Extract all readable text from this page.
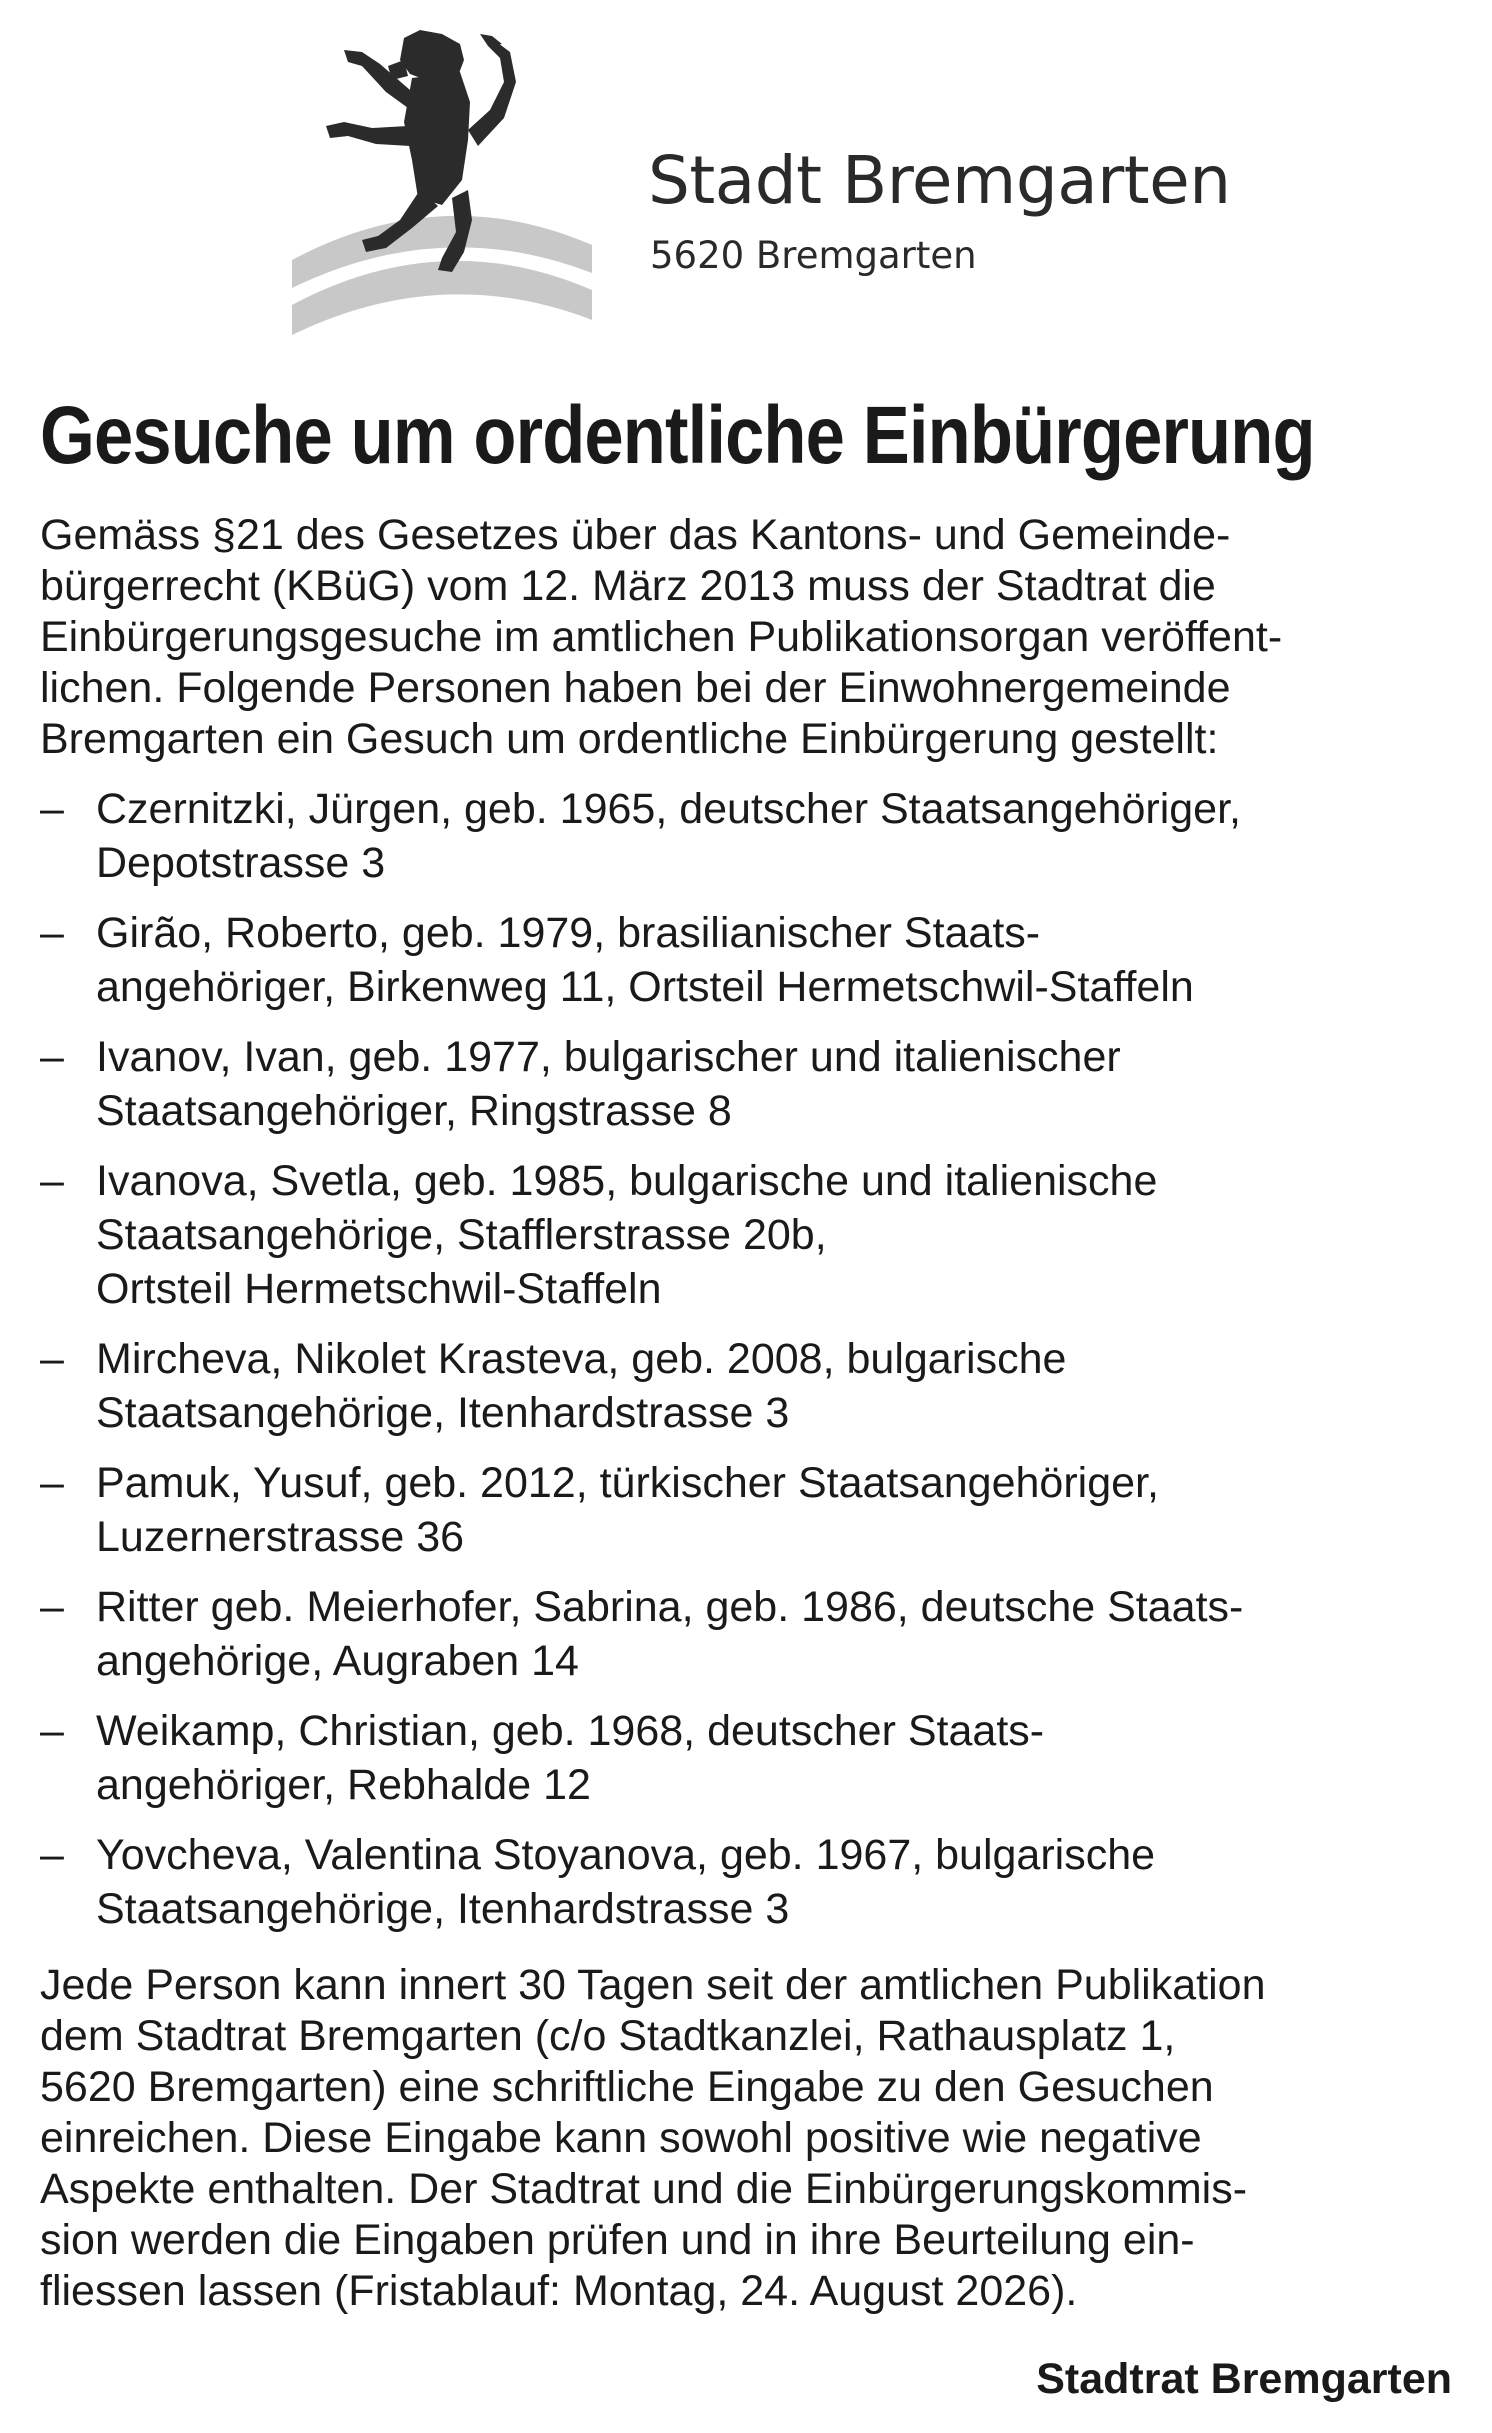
Stadt Bremgarten
5620 Bremgarten
Gesuche um ordentliche Einbürgerung
Gemäss §21 des Gesetzes über das Kantons- und Gemeinde-
bürgerrecht (KBüG) vom 12. März 2013 muss der Stadtrat die
Einbürgerungsgesuche im amtlichen Publikationsorgan veröffent-
lichen. Folgende Personen haben bei der Einwohnergemeinde
Bremgarten ein Gesuch um ordentliche Einbürgerung gestellt:
– Czernitzki, Jürgen, geb. 1965, deutscher Staatsangehöriger,
Depotstrasse 3
– Girão, Roberto, geb. 1979, brasilianischer Staats-
angehöriger, Birkenweg 11, Ortsteil Hermetschwil-Staffeln
– Ivanov, Ivan, geb. 1977, bulgarischer und italienischer
Staatsangehöriger, Ringstrasse 8
– Ivanova, Svetla, geb. 1985, bulgarische und italienische
Staatsangehörige, Stafflerstrasse 20b,
Ortsteil Hermetschwil-Staffeln
– Mircheva, Nikolet Krasteva, geb. 2008, bulgarische
Staatsangehörige, Itenhardstrasse 3
– Pamuk, Yusuf, geb. 2012, türkischer Staatsangehöriger,
Luzernerstrasse 36
– Ritter geb. Meierhofer, Sabrina, geb. 1986, deutsche Staats-
angehörige, Augraben 14
– Weikamp, Christian, geb. 1968, deutscher Staats-
angehöriger, Rebhalde 12
– Yovcheva, Valentina Stoyanova, geb. 1967, bulgarische
Staatsangehörige, Itenhardstrasse 3
Jede Person kann innert 30 Tagen seit der amtlichen Publikation
dem Stadtrat Bremgarten (c/o Stadtkanzlei, Rathausplatz 1,
5620 Bremgarten) eine schriftliche Eingabe zu den Gesuchen
einreichen. Diese Eingabe kann sowohl positive wie negative
Aspekte enthalten. Der Stadtrat und die Einbürgerungskommis-
sion werden die Eingaben prüfen und in ihre Beurteilung ein-
fliessen lassen (Fristablauf: Montag, 24. August 2026).
Stadtrat Bremgarten
